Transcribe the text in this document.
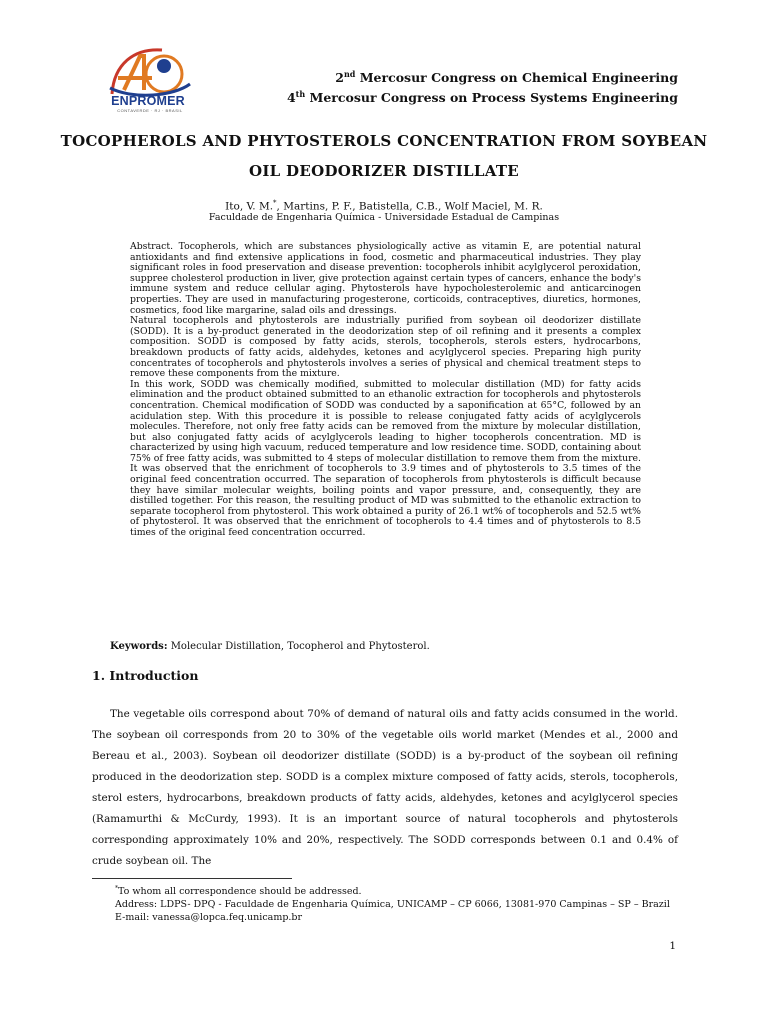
ENPROMER
CONTAVERDE · RJ · BRASIL
2nd Mercosur Congress on Chemical Engineering
4th Mercosur Congress on Process Systems Engineering
TOCOPHEROLS AND PHYTOSTEROLS CONCENTRATION FROM SOYBEAN OIL DEODORIZER DISTILLATE
Ito, V. M.*, Martins, P. F., Batistella, C.B., Wolf Maciel, M. R.
Faculdade de Engenharia Química - Universidade Estadual de Campinas

Abstract. Tocopherols, which are substances physiologically active as vitamin E, are potential natural antioxidants and find extensive applications in food, cosmetic and pharmaceutical industries. They play significant roles in food preservation and disease prevention: tocopherols inhibit acylglycerol peroxidation, supprее cholesterol production in liver, give protection against certain types of cancers, enhance the body's immune system and reduce cellular aging. Phytosterols have hypocholesterolemic and anticarcinogen properties. They are used in manufacturing progesterone, corticoids, contraceptives, diuretics, hormones, cosmetics, food like margarine, salad oils and dressings.

Natural tocopherols and phytosterols are industrially purified from soybean oil deodorizer distillate (SODD). It is a by-product generated in the deodorization step of oil refining and it presents a complex composition. SODD is composed by fatty acids, sterols, tocopherols, sterols esters, hydrocarbons, breakdown products of fatty acids, aldehydes, ketones and acylglycerol species. Preparing high purity concentrates of tocopherols and phytosterols involves a series of physical and chemical treatment steps to remove these components from the mixture.

In this work, SODD was chemically modified, submitted to molecular distillation (MD) for fatty acids elimination and the product obtained submitted to an ethanolic extraction for tocopherols and phytosterols concentration. Chemical modification of SODD was conducted by a saponification at 65°C, followed by an acidulation step. With this procedure it is possible to release conjugated fatty acids of acylglycerols molecules. Therefore, not only free fatty acids can be removed from the mixture by molecular distillation, but also conjugated fatty acids of acylglycerols leading to higher tocopherols concentration. MD is characterized by using high vacuum, reduced temperature and low residence time. SODD, containing about 75% of free fatty acids, was submitted to 4 steps of molecular distillation to remove them from the mixture. It was observed that the enrichment of tocopherols to 3.9 times and of phytosterols to 3.5 times of the original feed concentration occurred. The separation of tocopherols from phytosterols is difficult because they have similar molecular weights, boiling points and vapor pressure, and, consequently, they are distilled together. For this reason, the resulting product of MD was submitted to the ethanolic extraction to separate tocopherol from phytosterol. This work obtained a purity of 26.1 wt% of tocopherols and 52.5 wt% of phytosterol. It was observed that the enrichment of tocopherols to 4.4 times and of phytosterols to 8.5 times of the original feed concentration occurred.

Keywords: Molecular Distillation, Tocopherol and Phytosterol.
1. Introduction

The vegetable oils correspond about 70% of demand of natural oils and fatty acids consumed in the world. The soybean oil corresponds from 20 to 30% of the vegetable oils world market (Mendes et al., 2000 and Bereau et al., 2003). Soybean oil deodorizer distillate (SODD) is a by-product of the soybean oil refining produced in the deodorization step. SODD is a complex mixture composed of fatty acids, sterols, tocopherols, sterol esters, hydrocarbons, breakdown products of fatty acids, aldehydes, ketones and acylglycerol species (Ramamurthi & McCurdy, 1993). It is an important source of natural tocopherols and phytosterols corresponding approximately 10% and 20%, respectively. The SODD corresponds between 0.1 and 0.4% of crude soybean oil. The

*To whom all correspondence should be addressed.
Address: LDPS- DPQ - Faculdade de Engenharia Química, UNICAMP – CP 6066, 13081-970 Campinas – SP – Brazil
E-mail: vanessa@lopca.feq.unicamp.br
1
